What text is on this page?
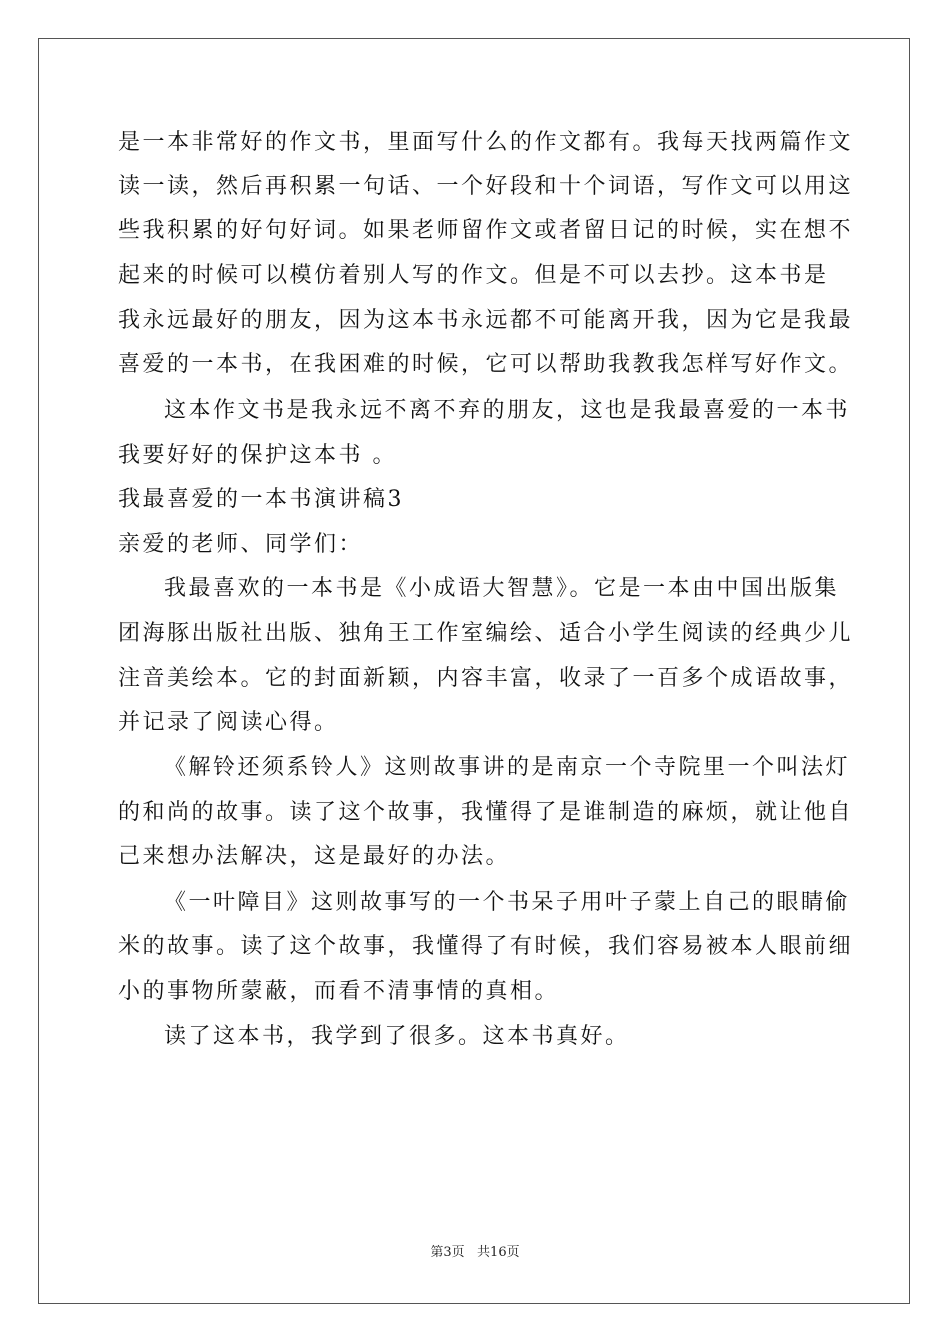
是一本非常好的作文书，里面写什么的作文都有。我每天找两篇作文
读一读，然后再积累一句话、一个好段和十个词语，写作文可以用这
些我积累的好句好词。如果老师留作文或者留日记的时候，实在想不
起来的时候可以模仿着别人写的作文。但是不可以去抄。这本书是
我永远最好的朋友，因为这本书永远都不可能离开我，因为它是我最
喜爱的一本书，在我困难的时候，它可以帮助我教我怎样写好作文。
这本作文书是我永远不离不弃的朋友，这也是我最喜爱的一本书
我要好好的保护这本书 。
我最喜爱的一本书演讲稿3
亲爱的老师、同学们：
我最喜欢的一本书是《小成语大智慧》。它是一本由中国出版集
团海豚出版社出版、独角王工作室编绘、适合小学生阅读的经典少儿
注音美绘本。它的封面新颖，内容丰富，收录了一百多个成语故事，
并记录了阅读心得。
《解铃还须系铃人》这则故事讲的是南京一个寺院里一个叫法灯
的和尚的故事。读了这个故事，我懂得了是谁制造的麻烦，就让他自
己来想办法解决，这是最好的办法。
《一叶障目》这则故事写的一个书呆子用叶子蒙上自己的眼睛偷
米的故事。读了这个故事，我懂得了有时候，我们容易被本人眼前细
小的事物所蒙蔽，而看不清事情的真相。
读了这本书，我学到了很多。这本书真好。
第3页   共16页
